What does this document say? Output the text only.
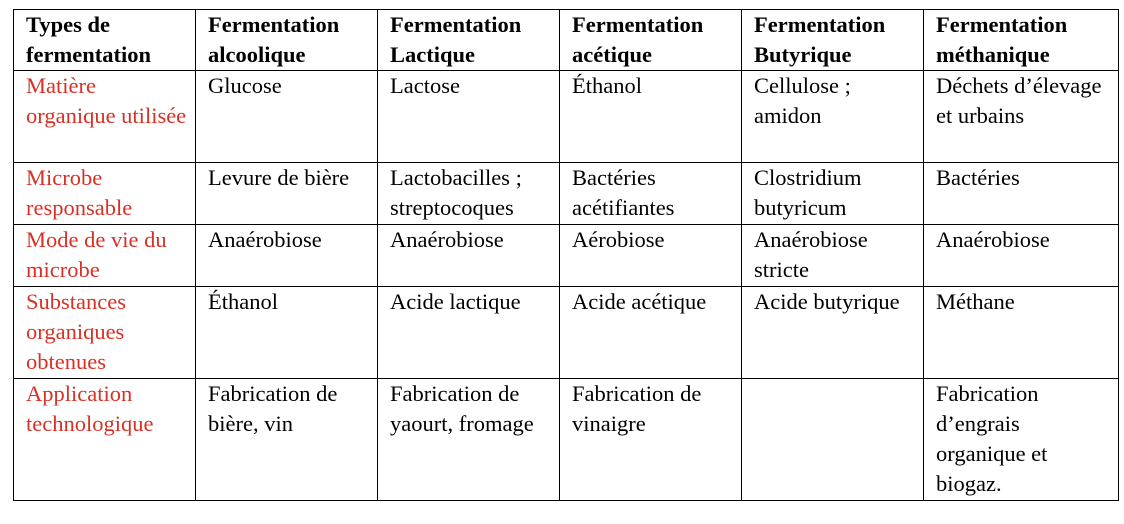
Types de fermentation	Fermentation alcoolique	Fermentation Lactique	Fermentation acétique	Fermentation Butyrique	Fermentation méthanique

Matière organique utilisée	Glucose	Lactose	Éthanol	Cellulose ; amidon	Déchets d’élevage et urbains

Microbe responsable	Levure de bière	Lactobacilles ; streptocoques	Bactéries acétifiantes	Clostridium butyricum	Bactéries

Mode de vie du microbe	Anaérobiose	Anaérobiose	Aérobiose	Anaérobiose stricte	Anaérobiose

Substances organiques obtenues	Éthanol	Acide lactique	Acide acétique	Acide butyrique	Méthane

Application technologique	Fabrication de bière, vin	Fabrication de yaourt, fromage	Fabrication de vinaigre		Fabrication d’engrais organique et biogaz.
